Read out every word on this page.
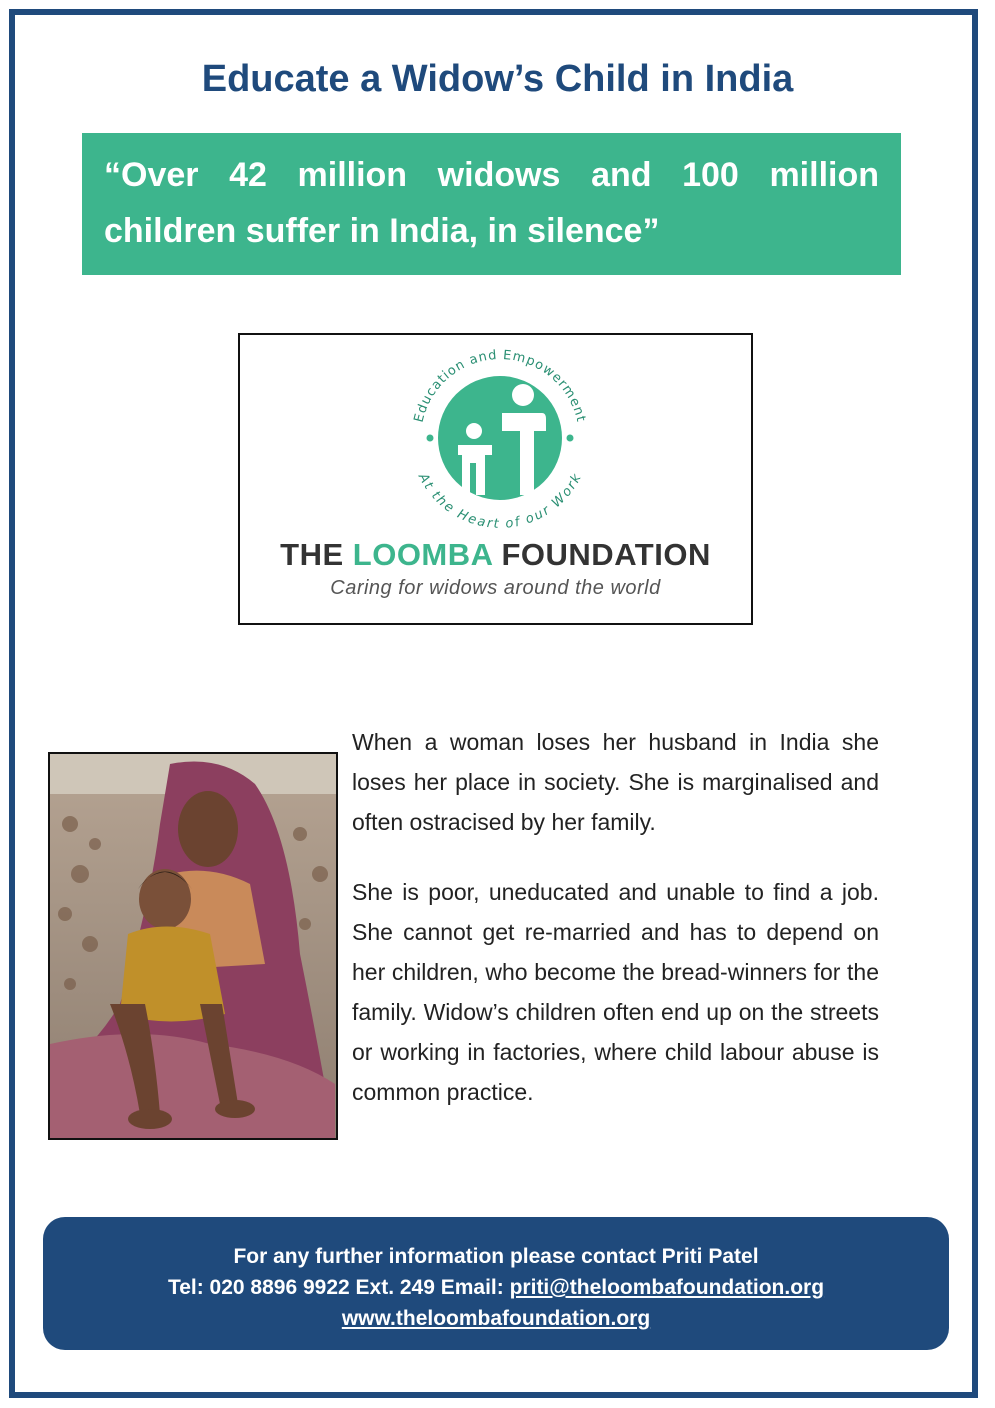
Educate a Widow’s Child in India

“Over 42 million widows and 100 million children suffer in India, in silence”

Education and Empowerment
At the Heart of our Work
THE LOOMBA FOUNDATION
Caring for widows around the world

When a woman loses her husband in India she loses her place in society. She is marginalised and often ostracised by her family.

She is poor, uneducated and unable to find a job. She cannot get re-married and has to depend on her children, who become the bread-winners for the family. Widow’s children often end up on the streets or working in factories, where child labour abuse is common practice.

For any further information please contact Priti Patel
Tel: 020 8896 9922 Ext. 249 Email: priti@theloombafoundation.org
www.theloombafoundation.org
